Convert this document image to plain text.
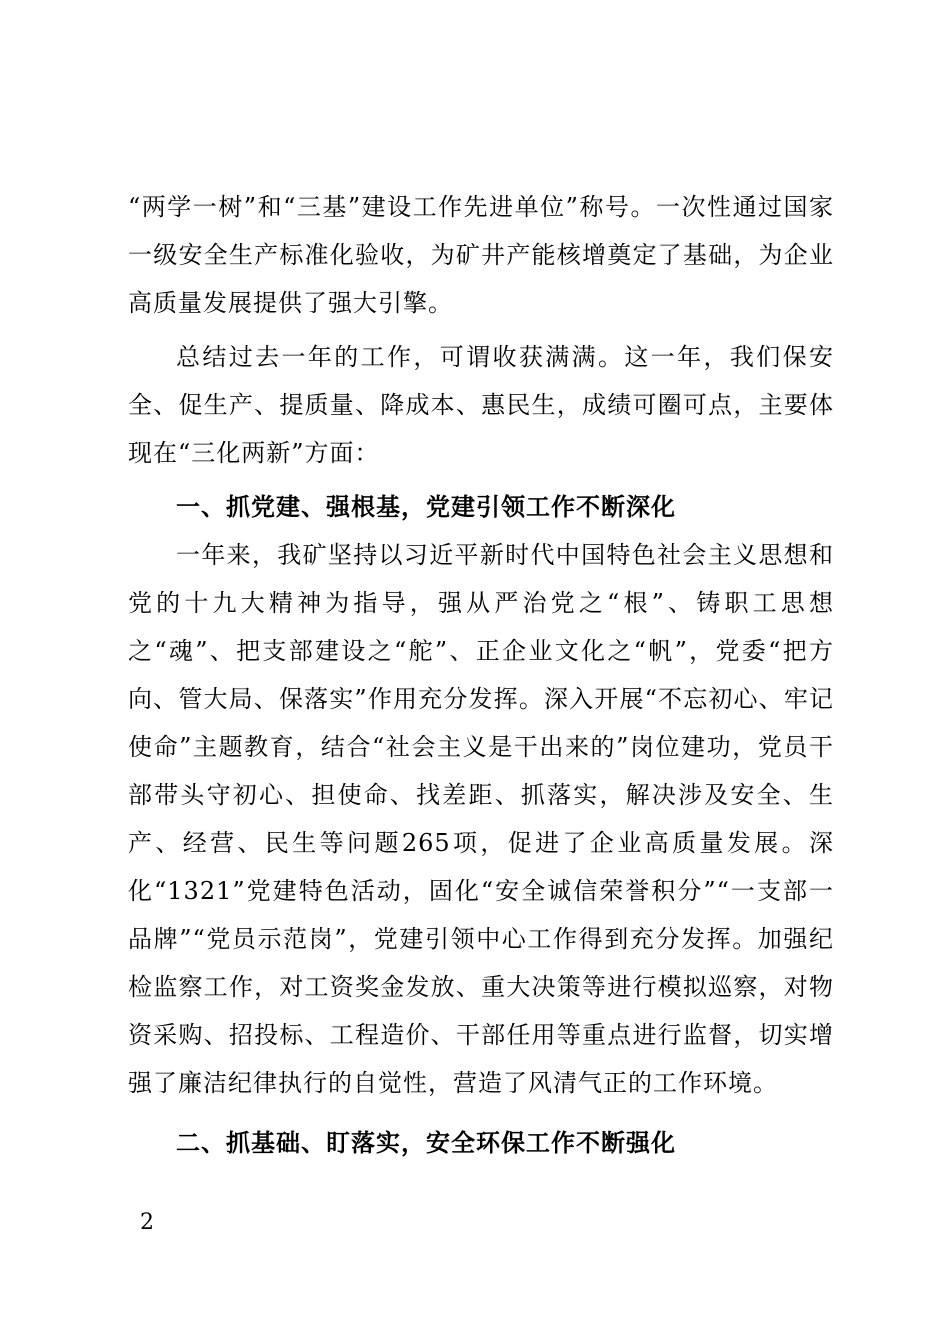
“两学一树”和“三基”建设工作先进单位”称号。一次性通过国家一级安全生产标准化验收，为矿井产能核增奠定了基础，为企业高质量发展提供了强大引擎。

总结过去一年的工作，可谓收获满满。这一年，我们保安全、促生产、提质量、降成本、惠民生，成绩可圈可点，主要体现在“三化两新”方面：

一、抓党建、强根基，党建引领工作不断深化

一年来，我矿坚持以习近平新时代中国特色社会主义思想和党的十九大精神为指导，强从严治党之“根”、铸职工思想之“魂”、把支部建设之“舵”、正企业文化之“帆”，党委“把方向、管大局、保落实”作用充分发挥。深入开展“不忘初心、牢记使命”主题教育，结合“社会主义是干出来的”岗位建功，党员干部带头守初心、担使命、找差距、抓落实，解决涉及安全、生产、经营、民生等问题265项，促进了企业高质量发展。深化“1321”党建特色活动，固化“安全诚信荣誉积分”“一支部一品牌”“党员示范岗”，党建引领中心工作得到充分发挥。加强纪检监察工作，对工资奖金发放、重大决策等进行模拟巡察，对物资采购、招投标、工程造价、干部任用等重点进行监督，切实增强了廉洁纪律执行的自觉性，营造了风清气正的工作环境。

二、抓基础、盯落实，安全环保工作不断强化

2
